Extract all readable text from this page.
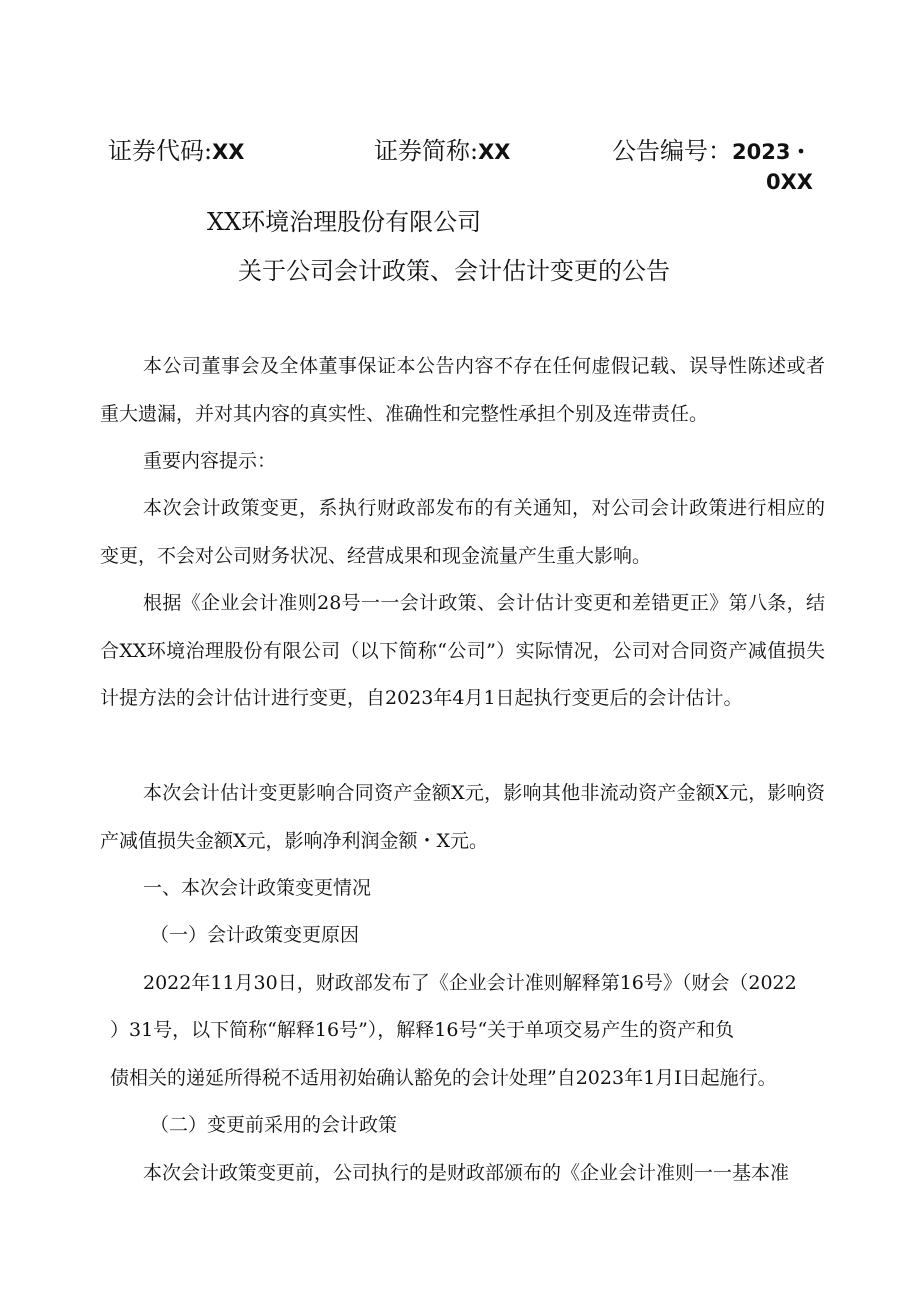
证券代码:XX	证券简称:XX	公告编号：2023・
0XX
XX环境治理股份有限公司
关于公司会计政策、会计估计变更的公告
本公司董事会及全体董事保证本公告内容不存在任何虚假记载、误导性陈述或者重大遗漏，并对其内容的真实性、准确性和完整性承担个别及连带责任。
重要内容提示：
本次会计政策变更，系执行财政部发布的有关通知，对公司会计政策进行相应的变更，不会对公司财务状况、经营成果和现金流量产生重大影响。
根据《企业会计准则28号一一会计政策、会计估计变更和差错更正》第八条，结合XX环境治理股份有限公司（以下简称“公司”）实际情况，公司对合同资产减值损失计提方法的会计估计进行变更，自2023年4月1日起执行变更后的会计估计。
本次会计估计变更影响合同资产金额X元，影响其他非流动资产金额X元，影响资产减值损失金额X元，影响净利润金额・X元。
一、本次会计政策变更情况
（一）会计政策变更原因
2022年11月30日，财政部发布了《企业会计准则解释第16号》（财会（2022
）31号，以下简称“解释16号”），解释16号“关于单项交易产生的资产和负
债相关的递延所得税不适用初始确认豁免的会计处理”自2023年1月I日起施行。
（二）变更前采用的会计政策
本次会计政策变更前，公司执行的是财政部颁布的《企业会计准则一一基本准
